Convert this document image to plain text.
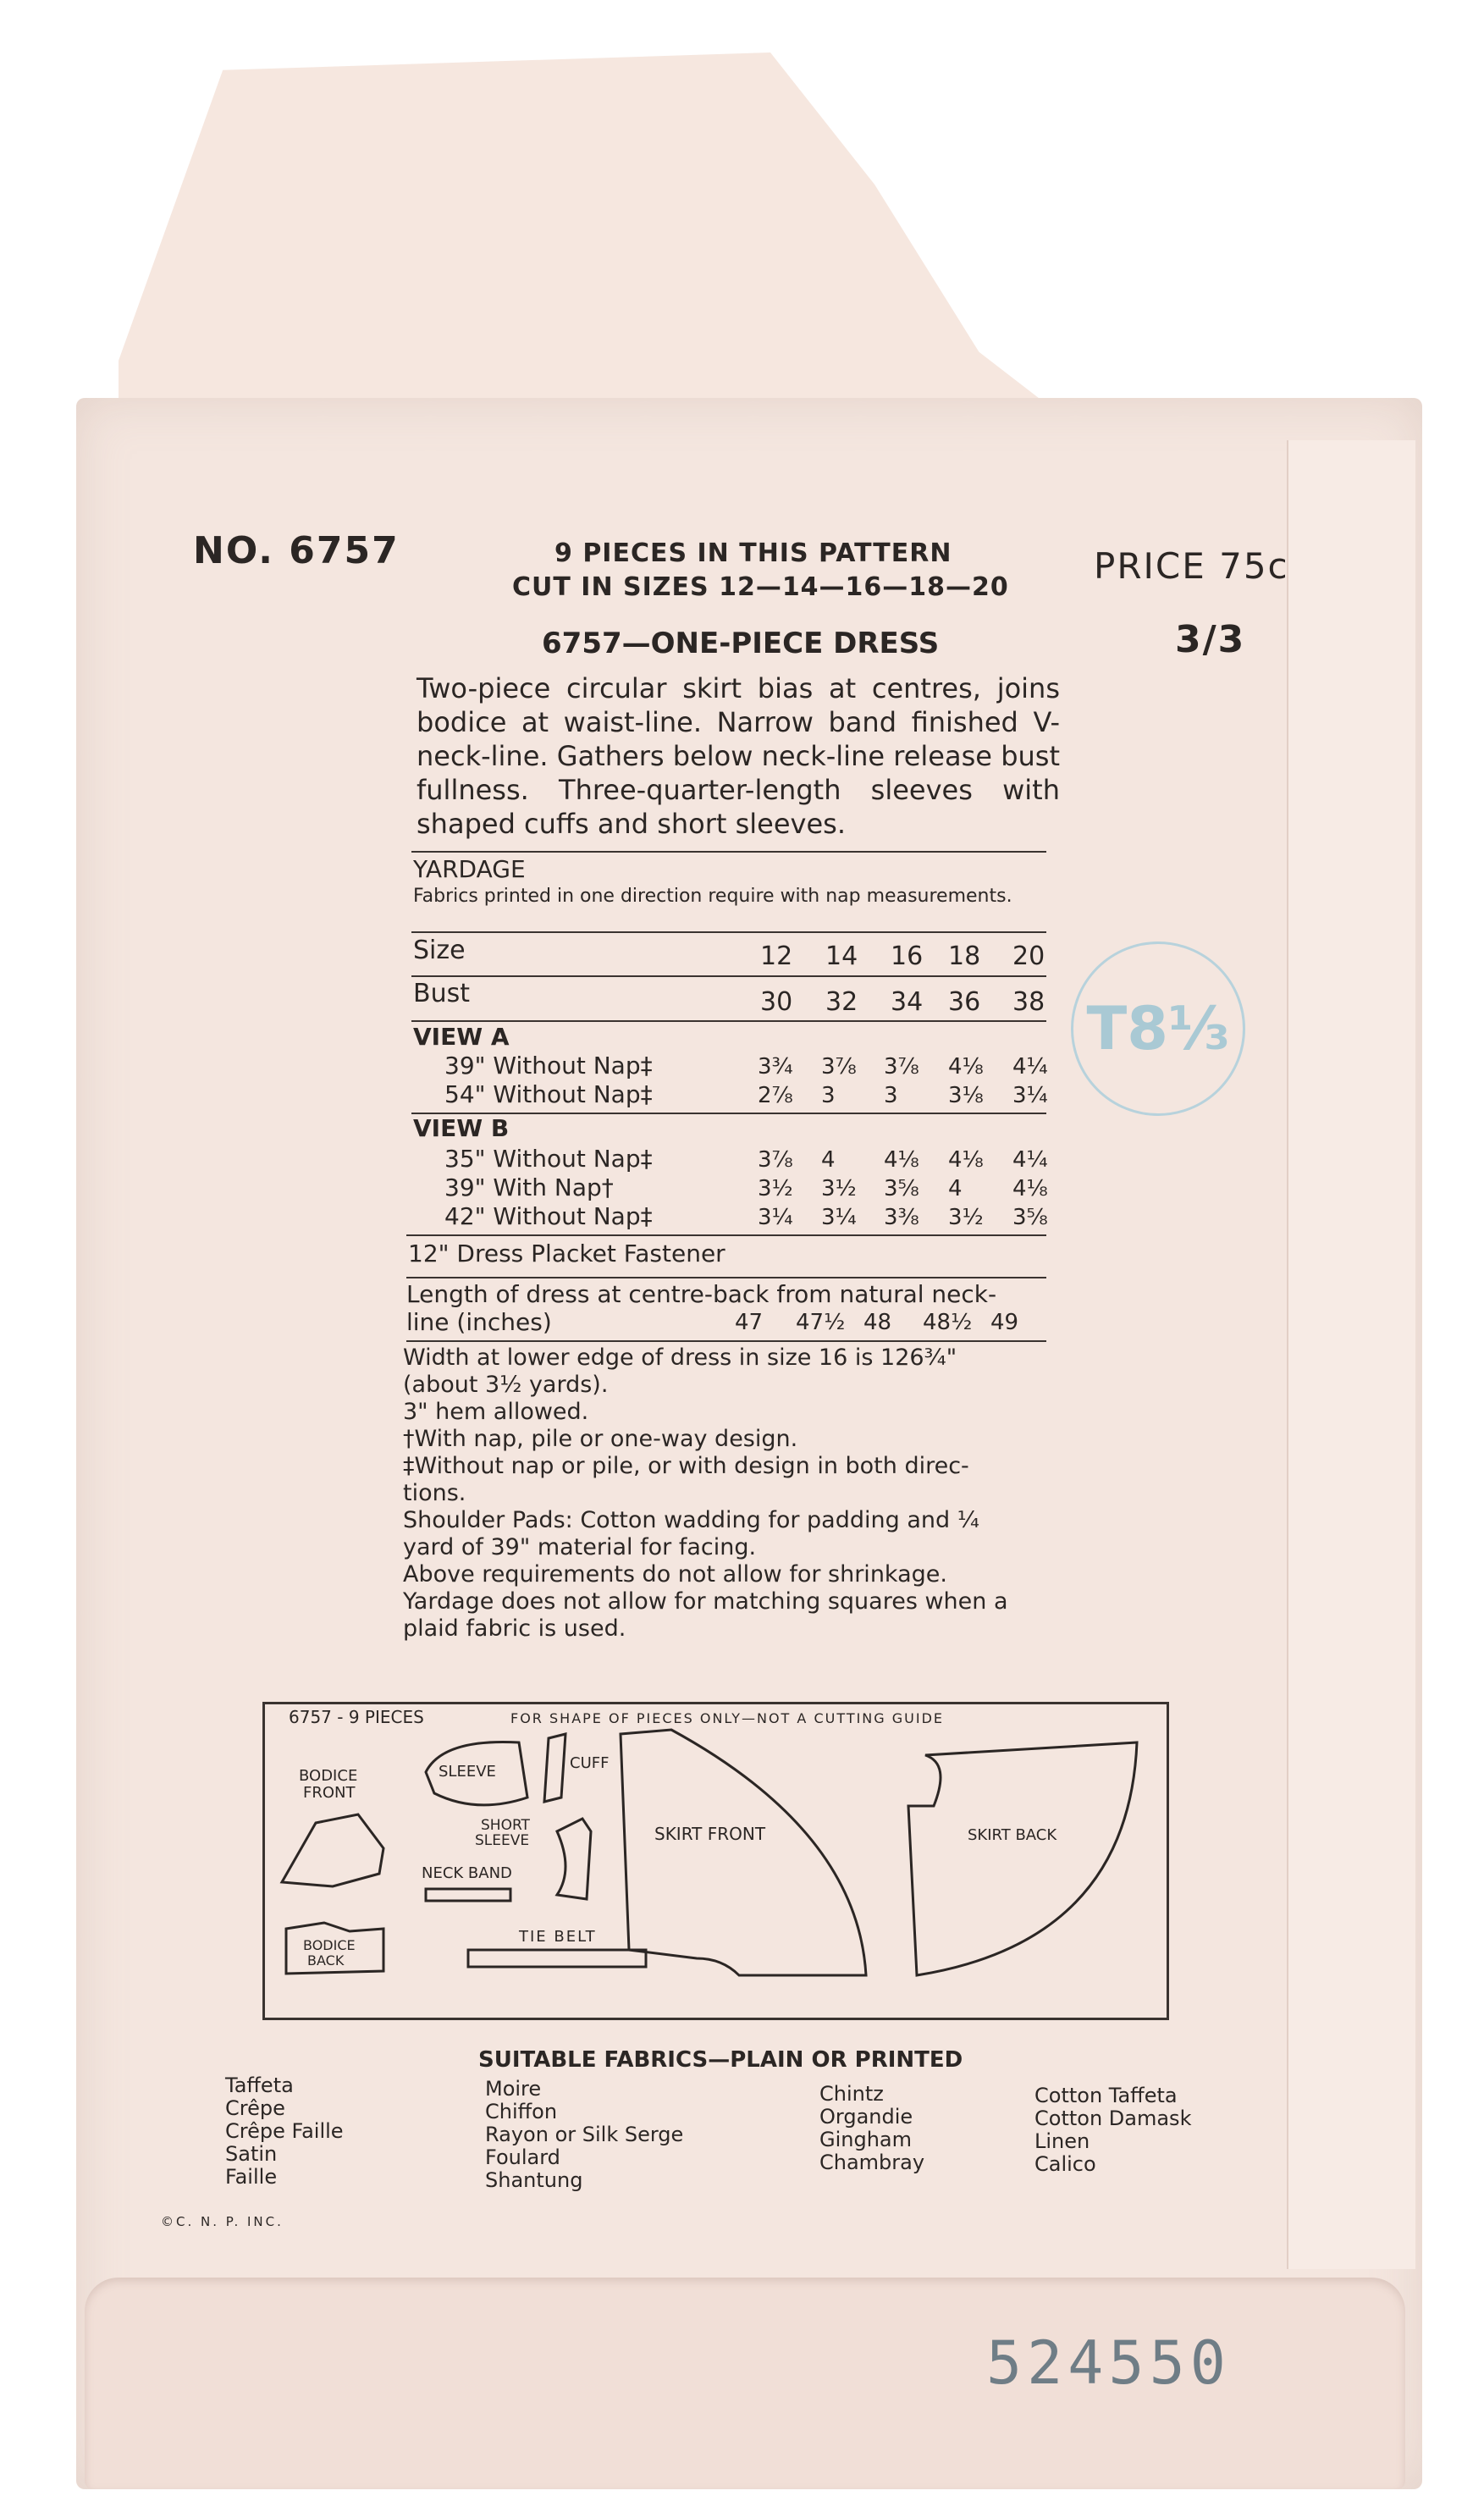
NO. 6757	9 PIECES IN THIS PATTERN
CUT IN SIZES 12—14—16—18—20
PRICE 75c
3/3
6757—ONE-PIECE DRESS
Two-piece circular skirt bias at centres, joins bodice at waist-line. Narrow band finished V-neck-line. Gathers below neck-line release bust fullness. Three-quarter-length sleeves with shaped cuffs and short sleeves.
YARDAGE
Fabrics printed in one direction require with nap measurements.
Size	12 14 16 18 20
Bust	30 32 34 36 38
VIEW A
39" Without Nap‡	3¾ 3⅞ 3⅞ 4⅛ 4¼
54" Without Nap‡	2⅞ 3 3 3⅛ 3¼
VIEW B
35" Without Nap‡	3⅞ 4 4⅛ 4⅛ 4¼
39" With Nap†	3½ 3½ 3⅝ 4 4⅛
42" Without Nap‡	3¼ 3¼ 3⅜ 3½ 3⅝
12" Dress Placket Fastener
Length of dress at centre-back from natural neck-
line (inches)	47 47½ 48 48½ 49
Width at lower edge of dress in size 16 is 126¾"
(about 3½ yards).
3" hem allowed.
†With nap, pile or one-way design.
‡Without nap or pile, or with design in both direc-
tions.
Shoulder Pads: Cotton wadding for padding and ¼
yard of 39" material for facing.
Above requirements do not allow for shrinkage.
Yardage does not allow for matching squares when a
plaid fabric is used.
T8⅓
6757 - 9 PIECES	FOR SHAPE OF PIECES ONLY—NOT A CUTTING GUIDE
BODICE
FRONT
BODICE
BACK
SLEEVE	CUFF
SHORT
SLEEVE
NECK BAND
TIE BELT
SKIRT FRONT	SKIRT BACK
SUITABLE FABRICS—PLAIN OR PRINTED
Taffeta
Crêpe
Crêpe Faille
Satin
Faille
Moire
Chiffon
Rayon or Silk Serge
Foulard
Shantung
Chintz
Organdie
Gingham
Chambray
Cotton Taffeta
Cotton Damask
Linen
Calico
©C. N. P. INC.
524550
